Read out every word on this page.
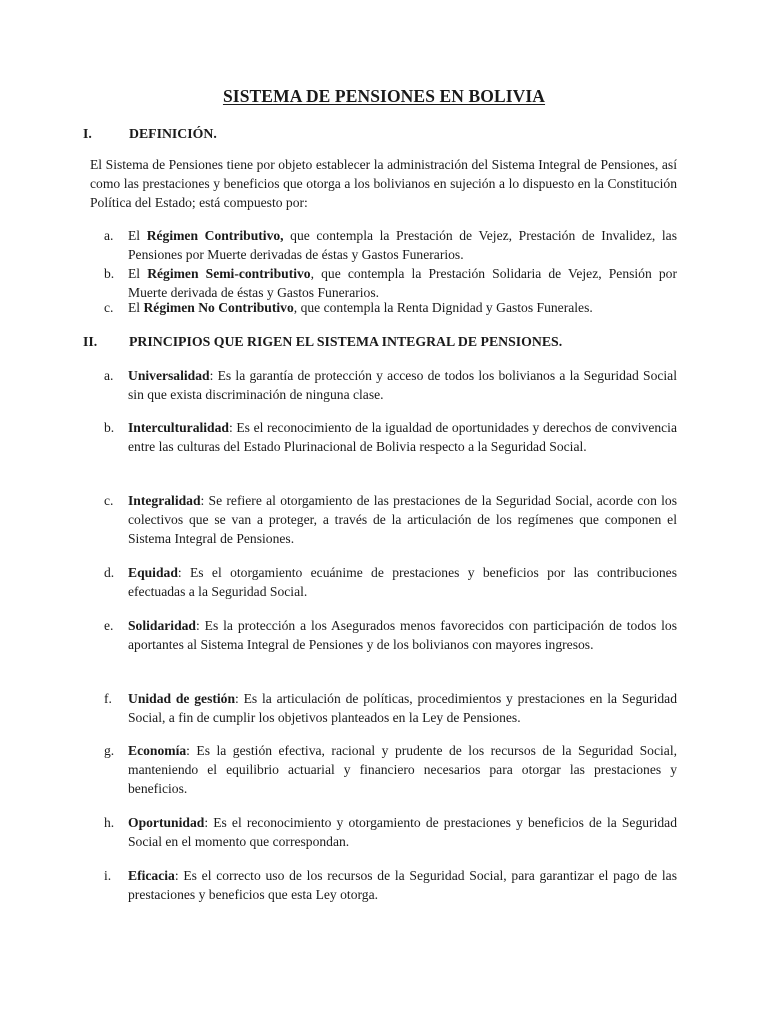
SISTEMA DE PENSIONES EN BOLIVIA
I.	DEFINICIÓN.
El Sistema de Pensiones tiene por objeto establecer la administración del Sistema Integral de Pensiones, así como las prestaciones y beneficios que otorga a los bolivianos en sujeción a lo dispuesto en la Constitución Política del Estado; está compuesto por:
a. El Régimen Contributivo, que contempla la Prestación de Vejez, Prestación de Invalidez, las Pensiones por Muerte derivadas de éstas y Gastos Funerarios.
b. El Régimen Semi-contributivo, que contempla la Prestación Solidaria de Vejez, Pensión por Muerte derivada de éstas y Gastos Funerarios.
c. El Régimen No Contributivo, que contempla la Renta Dignidad y Gastos Funerales.
II. PRINCIPIOS QUE RIGEN EL SISTEMA INTEGRAL DE PENSIONES.
a. Universalidad: Es la garantía de protección y acceso de todos los bolivianos a la Seguridad Social sin que exista discriminación de ninguna clase.
b. Interculturalidad: Es el reconocimiento de la igualdad de oportunidades y derechos de convivencia entre las culturas del Estado Plurinacional de Bolivia respecto a la Seguridad Social.
c. Integralidad: Se refiere al otorgamiento de las prestaciones de la Seguridad Social, acorde con los colectivos que se van a proteger, a través de la articulación de los regímenes que componen el Sistema Integral de Pensiones.
d. Equidad: Es el otorgamiento ecuánime de prestaciones y beneficios por las contribuciones efectuadas a la Seguridad Social.
e. Solidaridad: Es la protección a los Asegurados menos favorecidos con participación de todos los aportantes al Sistema Integral de Pensiones y de los bolivianos con mayores ingresos.
f. Unidad de gestión: Es la articulación de políticas, procedimientos y prestaciones en la Seguridad Social, a fin de cumplir los objetivos planteados en la Ley de Pensiones.
g. Economía: Es la gestión efectiva, racional y prudente de los recursos de la Seguridad Social, manteniendo el equilibrio actuarial y financiero necesarios para otorgar las prestaciones y beneficios.
h. Oportunidad: Es el reconocimiento y otorgamiento de prestaciones y beneficios de la Seguridad Social en el momento que correspondan.
i. Eficacia: Es el correcto uso de los recursos de la Seguridad Social, para garantizar el pago de las prestaciones y beneficios que esta Ley otorga.
